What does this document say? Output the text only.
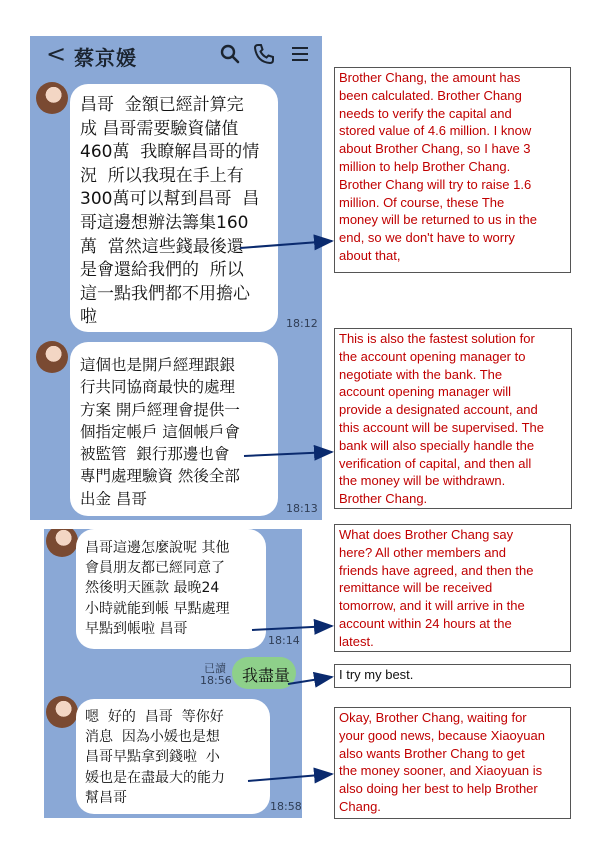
< 蔡京媛
昌哥  金額已經計算完
成 昌哥需要驗資儲值
460萬  我瞭解昌哥的情
況  所以我現在手上有
300萬可以幫到昌哥  昌
哥這邊想辦法籌集160
萬  當然這些錢最後還
是會還給我們的  所以
這一點我們都不用擔心
啦	18:12
這個也是開戶經理跟銀
行共同協商最快的處理
方案 開戶經理會提供一
個指定帳戶 這個帳戶會
被監管  銀行那邊也會
專門處理驗資 然後全部
出金 昌哥
18:13
昌哥這邊怎麼說呢 其他
會員朋友都已經同意了
然後明天匯款 最晚24
小時就能到帳 早點處理
早點到帳啦 昌哥
18:14
已讀
18:56 我盡量
嗯  好的  昌哥  等你好
消息  因為小媛也是想
昌哥早點拿到錢啦  小
媛也是在盡最大的能力
幫昌哥
18:58
Brother Chang, the amount has
been calculated. Brother Chang
needs to verify the capital and
stored value of 4.6 million. I know
about Brother Chang, so I have 3
million to help Brother Chang.
Brother Chang will try to raise 1.6
million. Of course, these The
money will be returned to us in the
end, so we don't have to worry
about that,
This is also the fastest solution for
the account opening manager to
negotiate with the bank. The
account opening manager will
provide a designated account, and
this account will be supervised. The
bank will also specially handle the
verification of capital, and then all
the money will be withdrawn.
Brother Chang.
What does Brother Chang say
here? All other members and
friends have agreed, and then the
remittance will be received
tomorrow, and it will arrive in the
account within 24 hours at the
latest.
I try my best.
Okay, Brother Chang, waiting for
your good news, because Xiaoyuan
also wants Brother Chang to get
the money sooner, and Xiaoyuan is
also doing her best to help Brother
Chang.
